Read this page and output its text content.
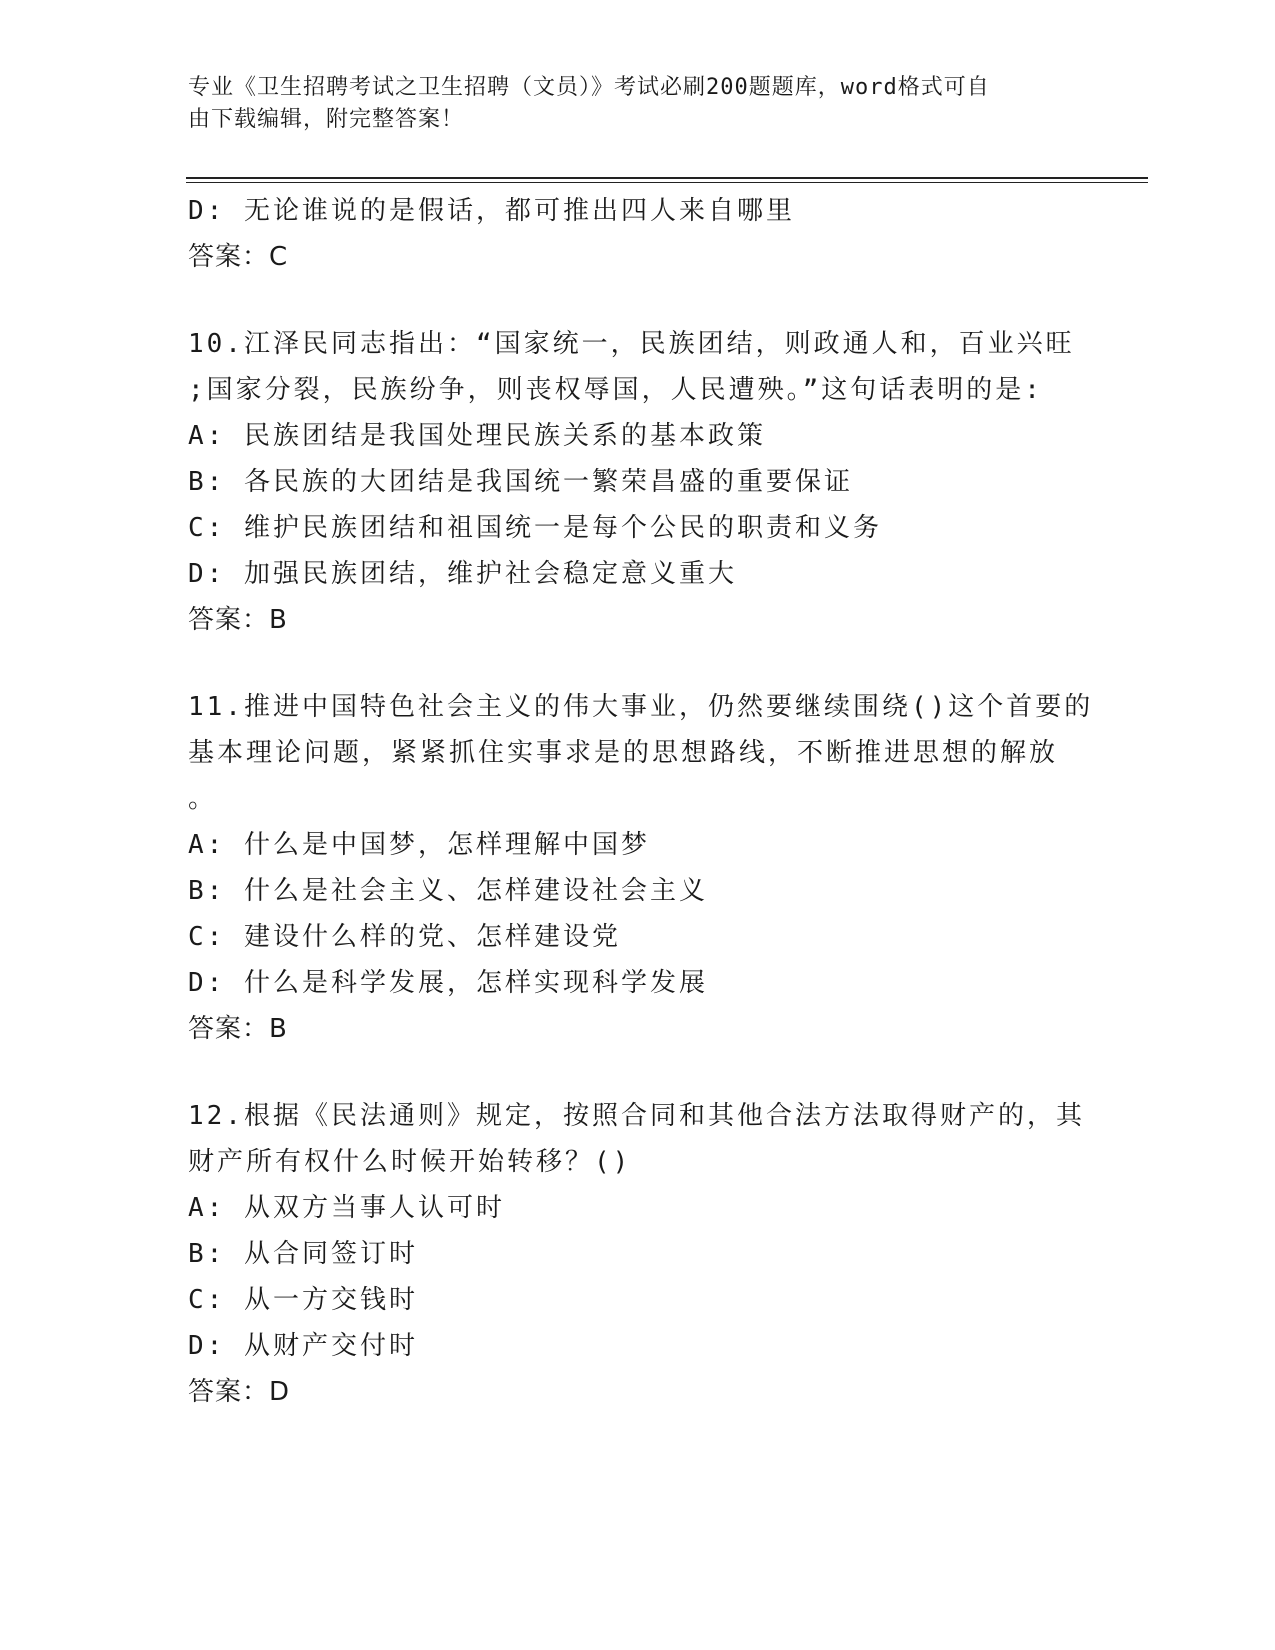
专业《卫生招聘考试之卫生招聘（文员）》考试必刷200题题库，word格式可自
由下载编辑，附完整答案！
D: 无论谁说的是假话，都可推出四人来自哪里
答案：C
10.江泽民同志指出：“国家统一，民族团结，则政通人和，百业兴旺
;国家分裂，民族纷争，则丧权辱国，人民遭殃。”这句话表明的是:
A: 民族团结是我国处理民族关系的基本政策
B: 各民族的大团结是我国统一繁荣昌盛的重要保证
C: 维护民族团结和祖国统一是每个公民的职责和义务
D: 加强民族团结，维护社会稳定意义重大
答案：B
11.推进中国特色社会主义的伟大事业，仍然要继续围绕()这个首要的
基本理论问题，紧紧抓住实事求是的思想路线，不断推进思想的解放
。
A: 什么是中国梦，怎样理解中国梦
B: 什么是社会主义、怎样建设社会主义
C: 建设什么样的党、怎样建设党
D: 什么是科学发展，怎样实现科学发展
答案：B
12.根据《民法通则》规定，按照合同和其他合法方法取得财产的，其
财产所有权什么时候开始转移？()
A: 从双方当事人认可时
B: 从合同签订时
C: 从一方交钱时
D: 从财产交付时
答案：D
